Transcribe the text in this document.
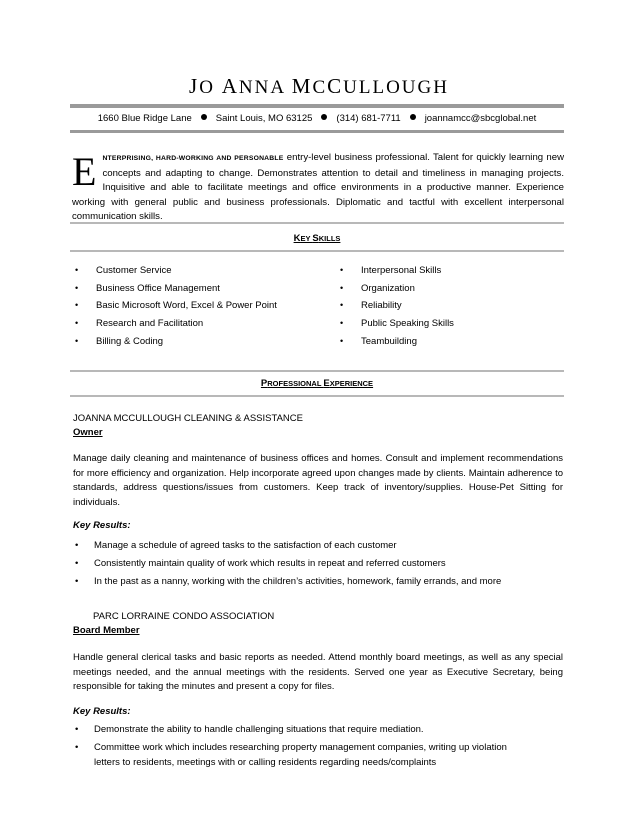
JO ANNA MCCULLOUGH
1660 Blue Ridge Lane	Saint Louis, MO 63125	(314) 681-7711	joannamcc@sbcglobal.net
ENTERPRISING, HARD-WORKING AND PERSONABLE entry-level business professional. Talent for quickly learning new concepts and adapting to change. Demonstrates attention to detail and timeliness in managing projects. Inquisitive and able to facilitate meetings and office environments in a productive manner. Experience working with general public and business professionals. Diplomatic and tactful with excellent interpersonal communication skills.
KEY SKILLS
• Customer Service
• Business Office Management
• Basic Microsoft Word, Excel & Power Point
• Research and Facilitation
• Billing & Coding
• Interpersonal Skills
• Organization
• Reliability
• Public Speaking Skills
• Teambuilding
PROFESSIONAL EXPERIENCE
JOANNA MCCULLOUGH CLEANING & ASSISTANCE
Owner
Manage daily cleaning and maintenance of business offices and homes. Consult and implement recommendations for more efficiency and organization. Help incorporate agreed upon changes made by clients. Maintain adherence to standards, address questions/issues from customers. Keep track of inventory/supplies. House-Pet Sitting for individuals.
Key Results:
• Manage a schedule of agreed tasks to the satisfaction of each customer
• Consistently maintain quality of work which results in repeat and referred customers
• In the past as a nanny, working with the children’s activities, homework, family errands, and more
PARC LORRAINE CONDO ASSOCIATION
Board Member
Handle general clerical tasks and basic reports as needed. Attend monthly board meetings, as well as any special meetings needed, and the annual meetings with the residents. Served one year as Executive Secretary, being responsible for taking the minutes and present a copy for files.
Key Results:
• Demonstrate the ability to handle challenging situations that require mediation.
• Committee work which includes researching property management companies, writing up violation letters to residents, meetings with or calling residents regarding needs/complaints
